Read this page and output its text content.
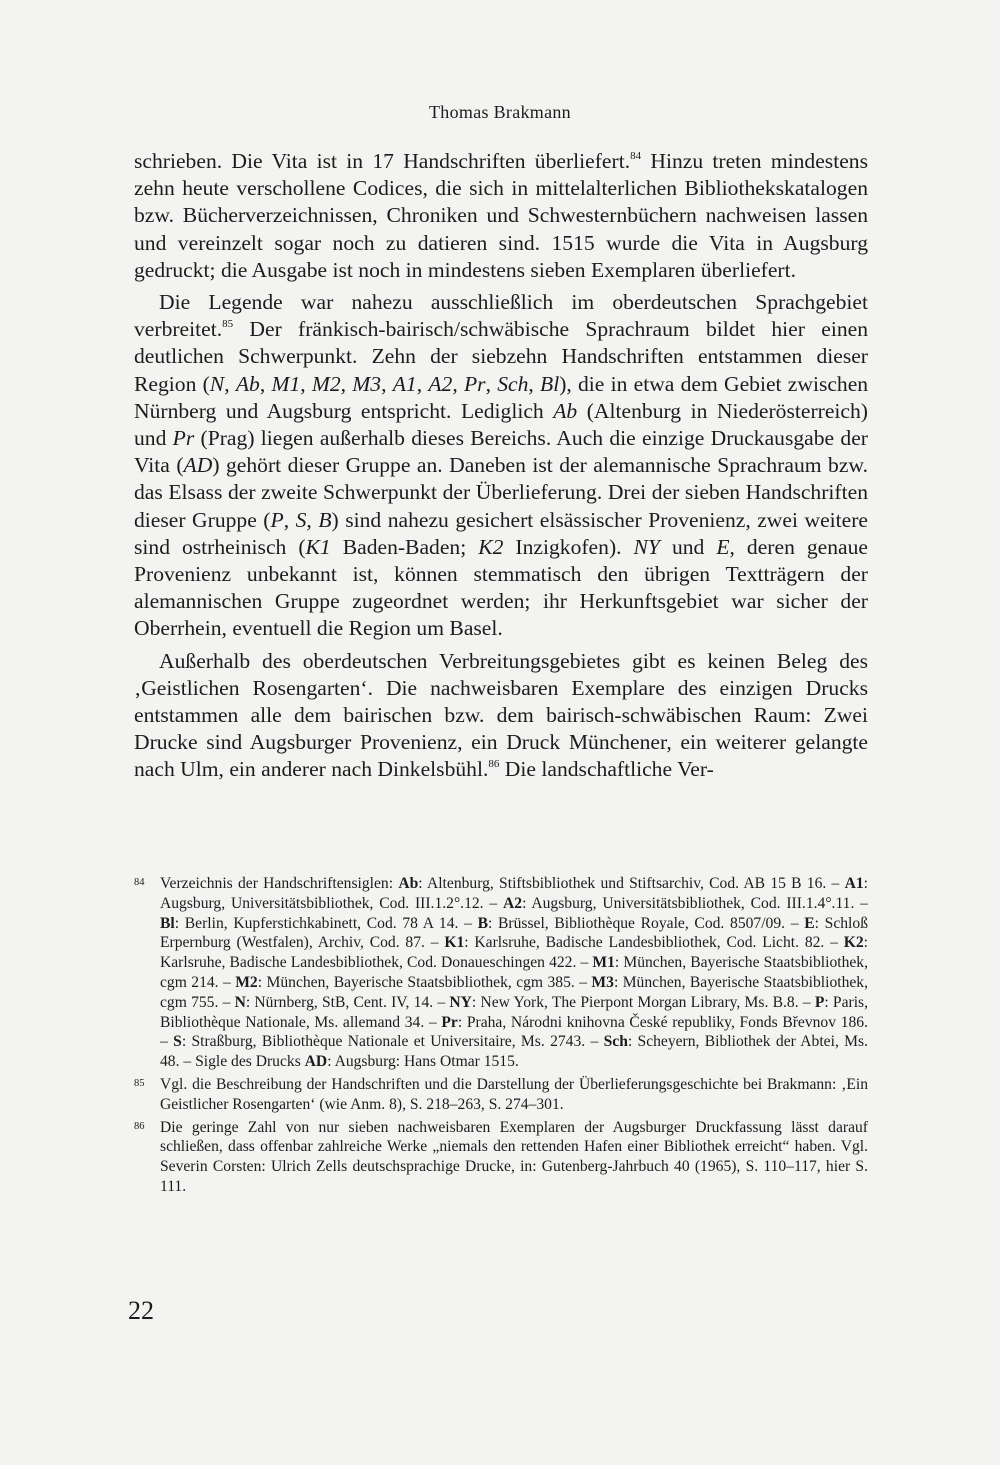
Thomas Brakmann

schrieben. Die Vita ist in 17 Handschriften überliefert.$^{84}$ Hinzu treten mindestens zehn heute verschollene Codices, die sich in mittelalterlichen Bibliothekskatalogen bzw. Bücherverzeichnissen, Chroniken und Schwesternbüchern nachweisen lassen und vereinzelt sogar noch zu datieren sind. 1515 wurde die Vita in Augsburg gedruckt; die Ausgabe ist noch in mindestens sieben Exemplaren überliefert.

Die Legende war nahezu ausschließlich im oberdeutschen Sprachgebiet verbreitet.$^{85}$ Der fränkisch-bairisch/schwäbische Sprachraum bildet hier einen deutlichen Schwerpunkt. Zehn der siebzehn Handschriften entstammen dieser Region (N, Ab, M1, M2, M3, A1, A2, Pr, Sch, Bl), die in etwa dem Gebiet zwischen Nürnberg und Augsburg entspricht. Lediglich Ab (Altenburg in Niederösterreich) und Pr (Prag) liegen außerhalb dieses Bereichs. Auch die einzige Druckausgabe der Vita (AD) gehört dieser Gruppe an. Daneben ist der alemannische Sprachraum bzw. das Elsass der zweite Schwerpunkt der Überlieferung. Drei der sieben Handschriften dieser Gruppe (P, S, B) sind nahezu gesichert elsässischer Provenienz, zwei weitere sind ostrheinisch (K1 Baden-Baden; K2 Inzigkofen). NY und E, deren genaue Provenienz unbekannt ist, können stemmatisch den übrigen Textträgern der alemannischen Gruppe zugeordnet werden; ihr Herkunftsgebiet war sicher der Oberrhein, eventuell die Region um Basel.

Außerhalb des oberdeutschen Verbreitungsgebietes gibt es keinen Beleg des ‚Geistlichen Rosengarten‘. Die nachweisbaren Exemplare des einzigen Drucks entstammen alle dem bairischen bzw. dem bairisch-schwäbischen Raum: Zwei Drucke sind Augsburger Provenienz, ein Druck Münchener, ein weiterer gelangte nach Ulm, ein anderer nach Dinkelsbühl.$^{86}$ Die landschaftliche Ver-

84 Verzeichnis der Handschriftensiglen: Ab: Altenburg, Stiftsbibliothek und Stiftsarchiv, Cod. AB 15 B 16. – A1: Augsburg, Universitätsbibliothek, Cod. III.1.2°.12. – A2: Augsburg, Universitätsbibliothek, Cod. III.1.4°.11. – Bl: Berlin, Kupferstichkabinett, Cod. 78 A 14. – B: Brüssel, Bibliothèque Royale, Cod. 8507/09. – E: Schloß Erpernburg (Westfalen), Archiv, Cod. 87. – K1: Karlsruhe, Badische Landesbibliothek, Cod. Licht. 82. – K2: Karlsruhe, Badische Landesbibliothek, Cod. Donaueschingen 422. – M1: München, Bayerische Staatsbibliothek, cgm 214. – M2: München, Bayerische Staatsbibliothek, cgm 385. – M3: München, Bayerische Staatsbibliothek, cgm 755. – N: Nürnberg, StB, Cent. IV, 14. – NY: New York, The Pierpont Morgan Library, Ms. B.8. – P: Paris, Bibliothèque Nationale, Ms. allemand 34. – Pr: Praha, Národni knihovna České republiky, Fonds Břevnov 186. – S: Straßburg, Bibliothèque Nationale et Universitaire, Ms. 2743. – Sch: Scheyern, Bibliothek der Abtei, Ms. 48. – Sigle des Drucks AD: Augsburg: Hans Otmar 1515.
85 Vgl. die Beschreibung der Handschriften und die Darstellung der Überlieferungsgeschichte bei Brakmann: ‚Ein Geistlicher Rosengarten‘ (wie Anm. 8), S. 218–263, S. 274–301.
86 Die geringe Zahl von nur sieben nachweisbaren Exemplaren der Augsburger Druckfassung lässt darauf schließen, dass offenbar zahlreiche Werke „niemals den rettenden Hafen einer Bibliothek erreicht“ haben. Vgl. Severin Corsten: Ulrich Zells deutschsprachige Drucke, in: Gutenberg-Jahrbuch 40 (1965), S. 110–117, hier S. 111.
22
